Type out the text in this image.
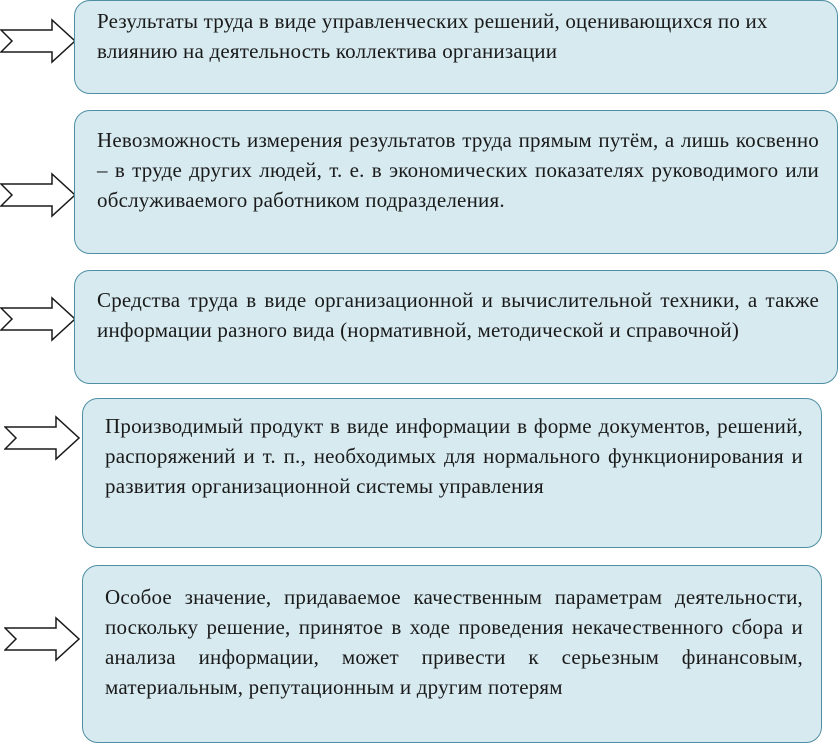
Результаты труда в виде управленческих решений, оценивающихся по их влиянию на деятельность коллектива организации
Невозможность измерения результатов труда прямым путём, а лишь косвенно – в труде других людей, т. е. в экономических показателях руководимого или обслуживаемого работником подразделения.
Средства труда в виде организационной и вычислительной техники, а также информации разного вида (нормативной, методической и справочной)
Производимый продукт в виде информации в форме документов, решений, распоряжений и т. п., необходимых для нормального функционирования и развития организационной системы управления
Особое значение, придаваемое качественным параметрам деятельности, поскольку решение, принятое в ходе проведения некачественного сбора и анализа информации, может привести к серьезным финансовым, материальным, репутационным и другим потерям
